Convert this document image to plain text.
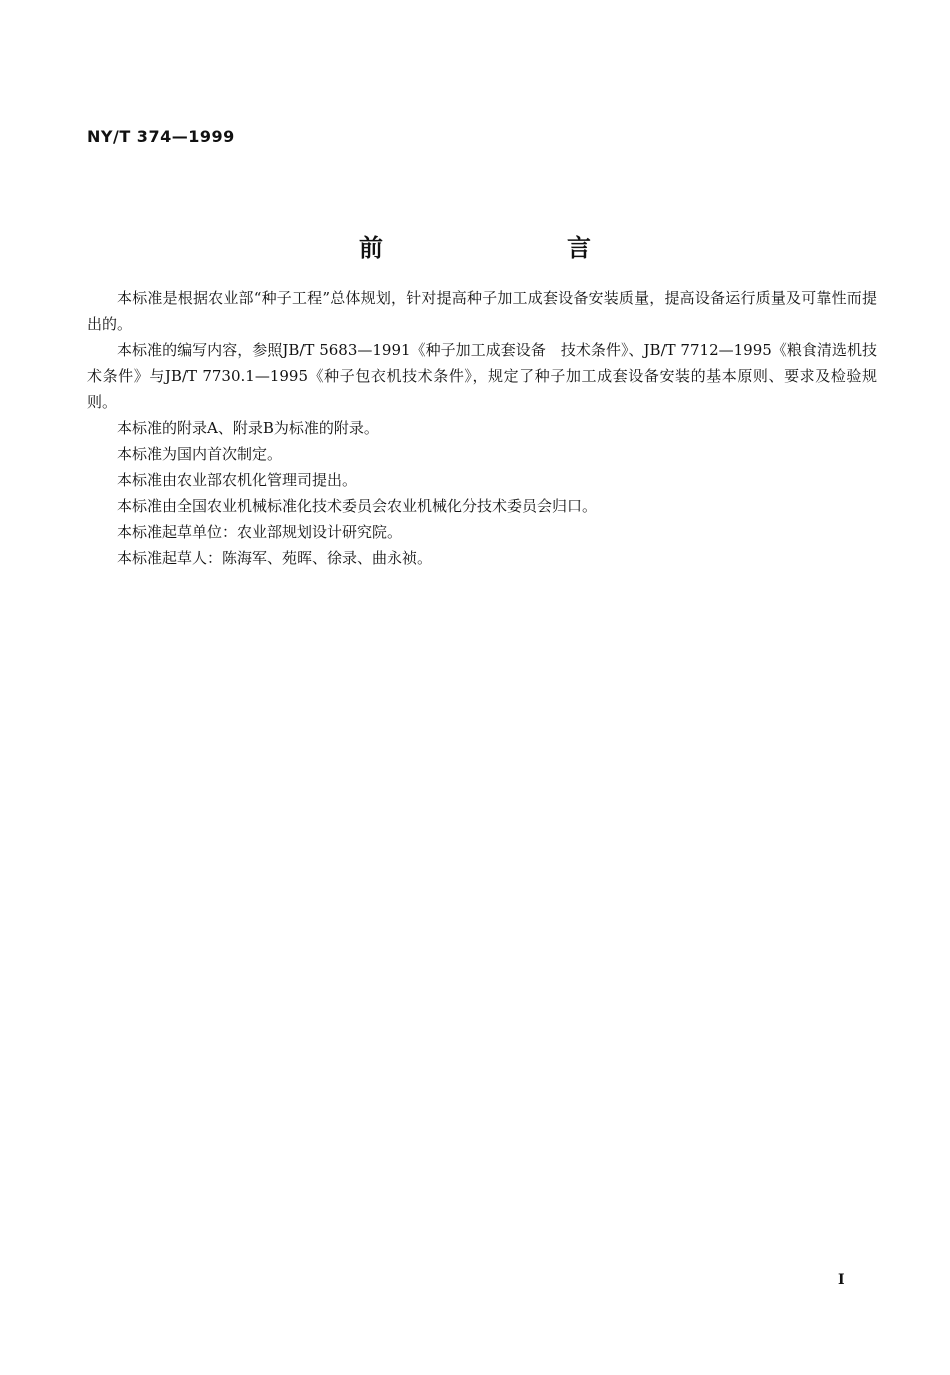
NY/T 374—1999
前　言

本标准是根据农业部“种子工程”总体规划，针对提高种子加工成套设备安装质量，提高设备运行质量及可靠性而提出的。

本标准的编写内容，参照JB/T 5683—1991《种子加工成套设备　技术条件》、JB/T 7712—1995《粮食清选机技术条件》与JB/T 7730.1—1995《种子包衣机技术条件》，规定了种子加工成套设备安装的基本原则、要求及检验规则。

本标准的附录A、附录B为标准的附录。

本标准为国内首次制定。

本标准由农业部农机化管理司提出。

本标准由全国农业机械标准化技术委员会农业机械化分技术委员会归口。

本标准起草单位：农业部规划设计研究院。

本标准起草人：陈海军、苑晖、徐录、曲永祯。

I
